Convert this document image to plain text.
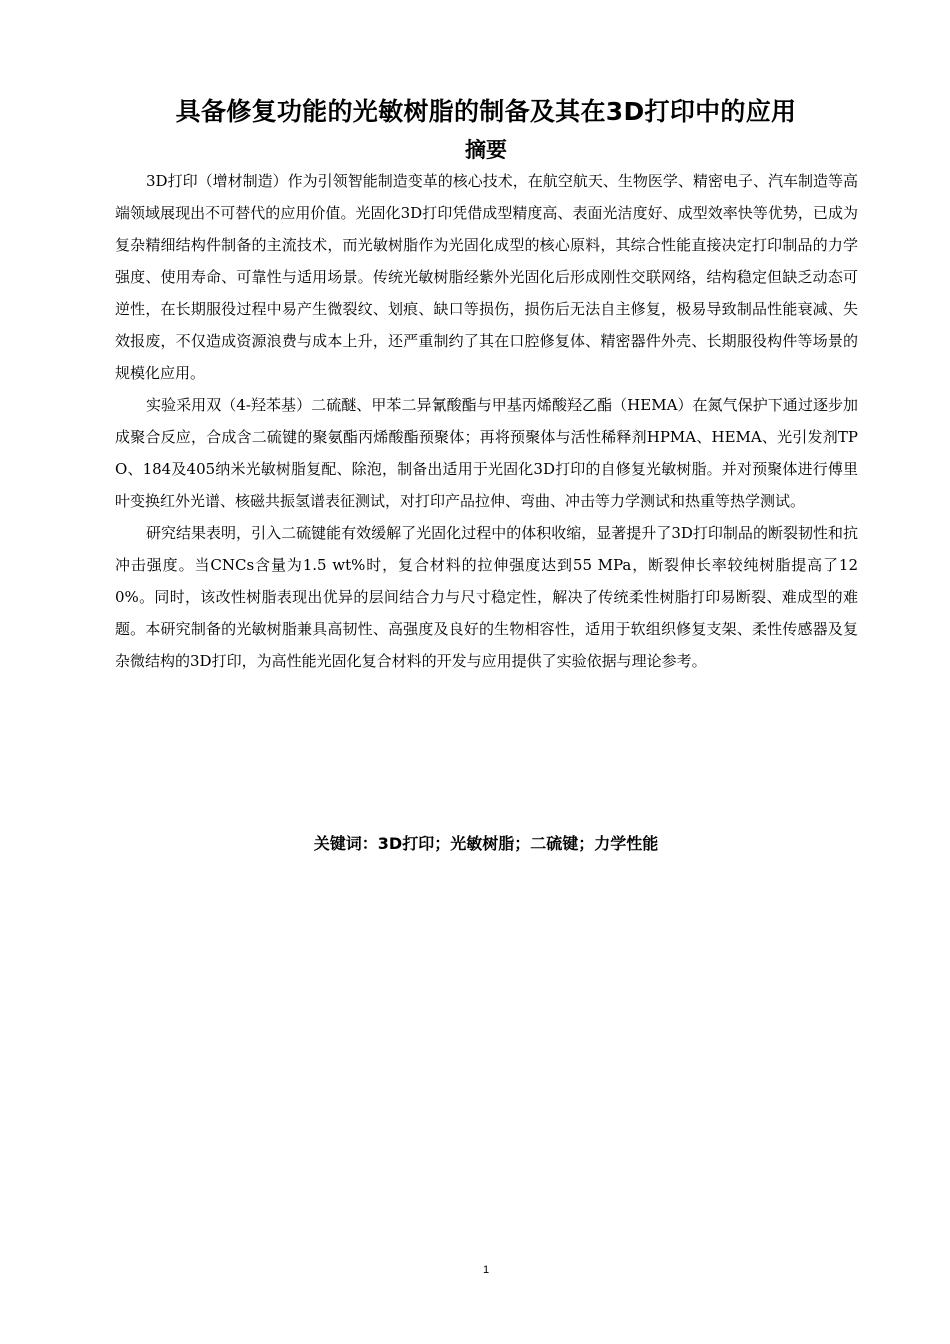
具备修复功能的光敏树脂的制备及其在3D打印中的应用
摘要

3D打印（增材制造）作为引领智能制造变革的核心技术，在航空航天、生物医学、精密电子、汽车制造等高端领域展现出不可替代的应用价值。光固化3D打印凭借成型精度高、表面光洁度好、成型效率快等优势，已成为复杂精细结构件制备的主流技术，而光敏树脂作为光固化成型的核心原料，其综合性能直接决定打印制品的力学强度、使用寿命、可靠性与适用场景。传统光敏树脂经紫外光固化后形成刚性交联网络，结构稳定但缺乏动态可逆性，在长期服役过程中易产生微裂纹、划痕、缺口等损伤，损伤后无法自主修复，极易导致制品性能衰减、失效报废，不仅造成资源浪费与成本上升，还严重制约了其在口腔修复体、精密器件外壳、长期服役构件等场景的规模化应用。

实验采用双（4-羟苯基）二硫醚、甲苯二异氰酸酯与甲基丙烯酸羟乙酯（HEMA）在氮气保护下通过逐步加成聚合反应，合成含二硫键的聚氨酯丙烯酸酯预聚体；再将预聚体与活性稀释剂HPMA、HEMA、光引发剂TPO、184及405纳米光敏树脂复配、除泡，制备出适用于光固化3D打印的自修复光敏树脂。并对预聚体进行傅里叶变换红外光谱、核磁共振氢谱表征测试，对打印产品拉伸、弯曲、冲击等力学测试和热重等热学测试。

研究结果表明，引入二硫键能有效缓解了光固化过程中的体积收缩，显著提升了3D打印制品的断裂韧性和抗冲击强度。当CNCs含量为1.5 wt%时，复合材料的拉伸强度达到55 MPa，断裂伸长率较纯树脂提高了120%。同时，该改性树脂表现出优异的层间结合力与尺寸稳定性，解决了传统柔性树脂打印易断裂、难成型的难题。本研究制备的光敏树脂兼具高韧性、高强度及良好的生物相容性，适用于软组织修复支架、柔性传感器及复杂微结构的3D打印，为高性能光固化复合材料的开发与应用提供了实验依据与理论参考。

关键词：3D打印；光敏树脂；二硫键；力学性能

1
